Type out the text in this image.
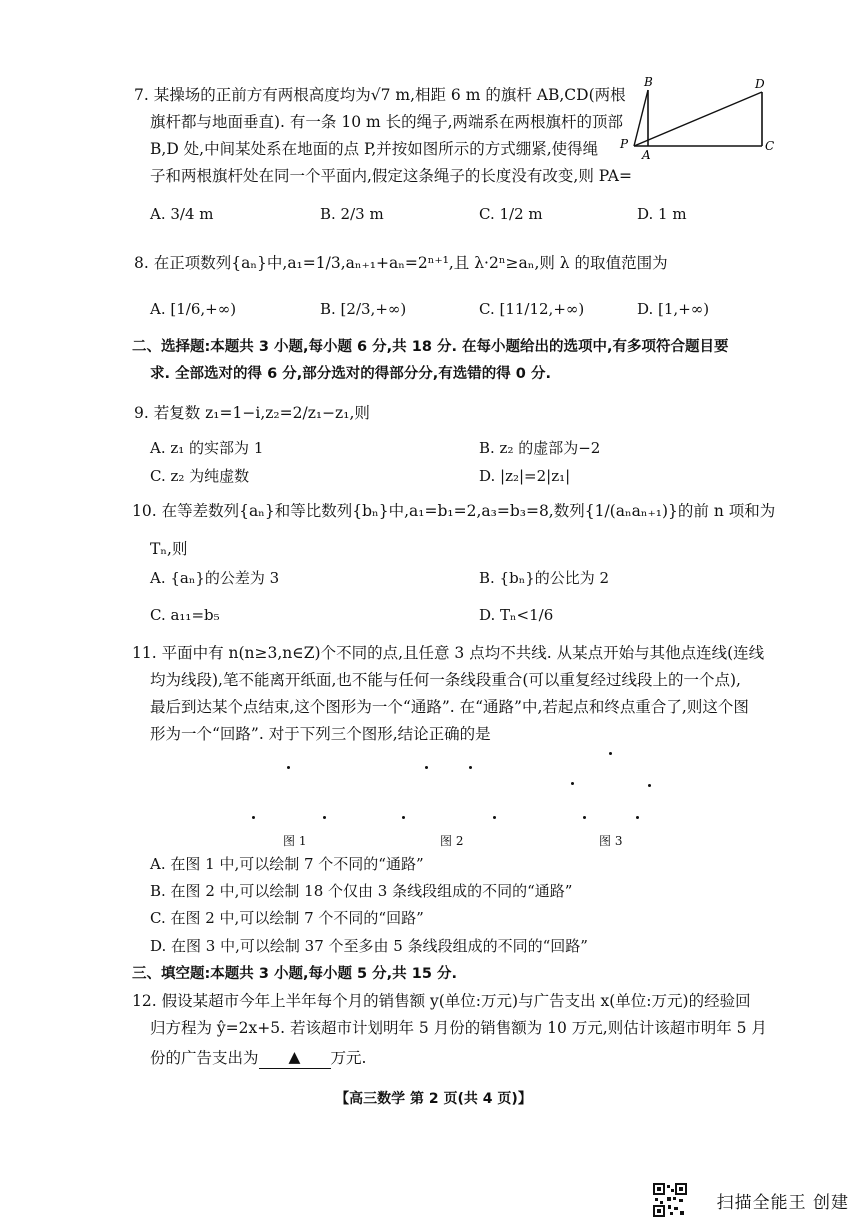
7. 某操场的正前方有两根高度均为√7 m,相距 6 m 的旗杆 AB,CD(两根
旗杆都与地面垂直). 有一条 10 m 长的绳子,两端系在两根旗杆的顶部
B,D 处,中间某处系在地面的点 P,并按如图所示的方式绷紧,使得绳
子和两根旗杆处在同一个平面内,假定这条绳子的长度没有改变,则 PA=
B	D
P
A
C
A. 3/4 m	B. 2/3 m	C. 1/2 m	D. 1 m
8. 在正项数列{aₙ}中,a₁=1/3,aₙ₊₁+aₙ=2ⁿ⁺¹,且 λ·2ⁿ≥aₙ,则 λ 的取值范围为
A. [1/6,+∞)	B. [2/3,+∞)	C. [11/12,+∞)	D. [1,+∞)
二、选择题:本题共 3 小题,每小题 6 分,共 18 分. 在每小题给出的选项中,有多项符合题目要
求. 全部选对的得 6 分,部分选对的得部分分,有选错的得 0 分.
9. 若复数 z₁=1−i,z₂=2/z₁−z₁,则
A. z₁ 的实部为 1	B. z₂ 的虚部为−2
C. z₂ 为纯虚数	D. |z₂|=2|z₁|
10. 在等差数列{aₙ}和等比数列{bₙ}中,a₁=b₁=2,a₃=b₃=8,数列{1/(aₙaₙ₊₁)}的前 n 项和为
Tₙ,则
A. {aₙ}的公差为 3	B. {bₙ}的公比为 2
C. a₁₁=b₅	D. Tₙ<1/6
11. 平面中有 n(n≥3,n∈Z)个不同的点,且任意 3 点均不共线. 从某点开始与其他点连线(连线
均为线段),笔不能离开纸面,也不能与任何一条线段重合(可以重复经过线段上的一个点),
最后到达某个点结束,这个图形为一个“通路”. 在“通路”中,若起点和终点重合了,则这个图
形为一个“回路”. 对于下列三个图形,结论正确的是
图 1	图 2	图 3
A. 在图 1 中,可以绘制 7 个不同的“通路”
B. 在图 2 中,可以绘制 18 个仅由 3 条线段组成的不同的“通路”
C. 在图 2 中,可以绘制 7 个不同的“回路”
D. 在图 3 中,可以绘制 37 个至多由 5 条线段组成的不同的“回路”
三、填空题:本题共 3 小题,每小题 5 分,共 15 分.
12. 假设某超市今年上半年每个月的销售额 y(单位:万元)与广告支出 x(单位:万元)的经验回
归方程为 ŷ=2x+5. 若该超市计划明年 5 月份的销售额为 10 万元,则估计该超市明年 5 月
份的广告支出为 ▲ 万元.
【高三数学 第 2 页(共 4 页)】
扫描全能王 创建
